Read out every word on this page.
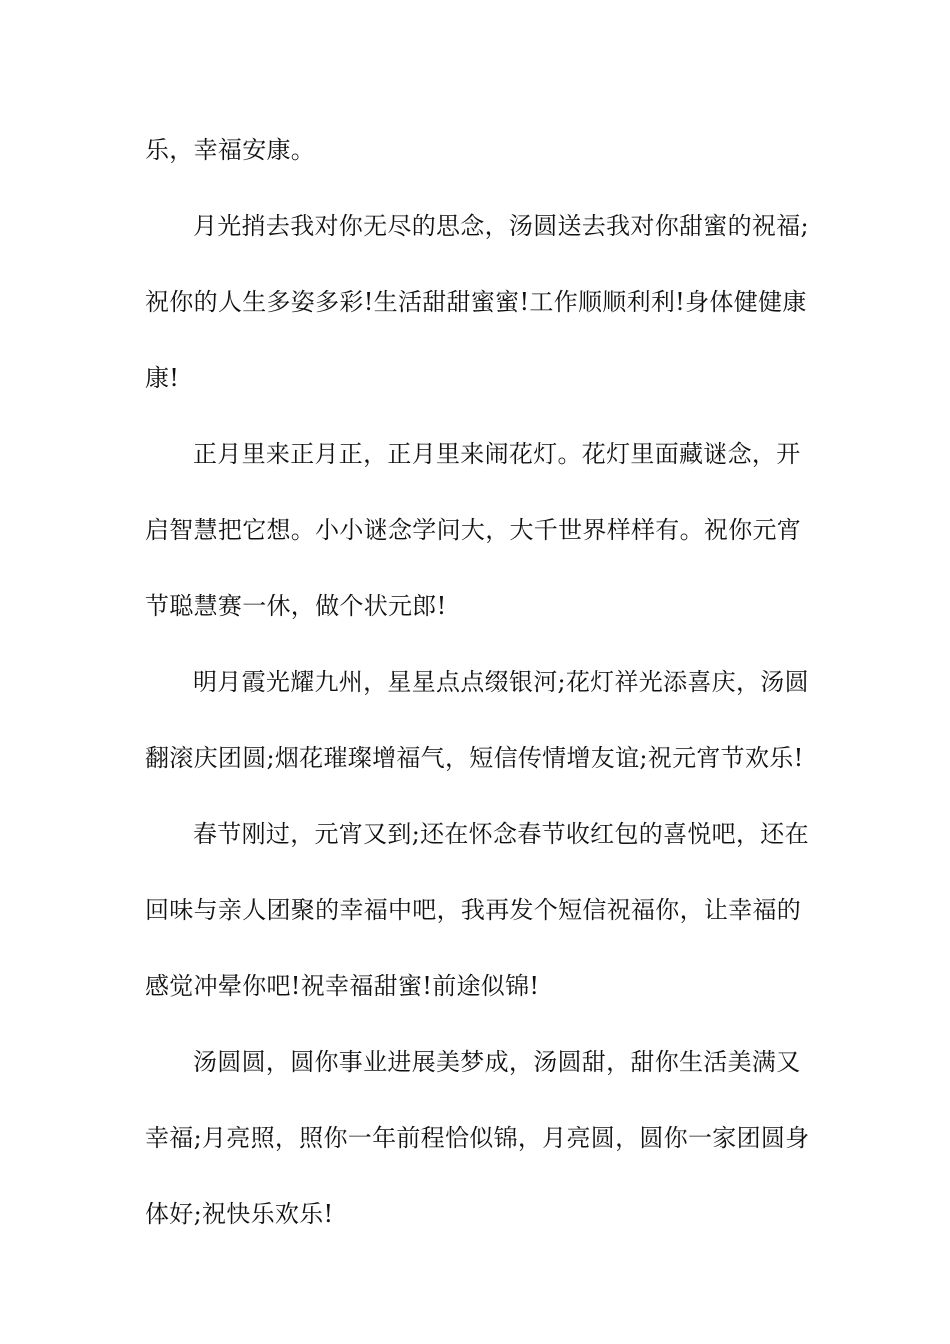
乐，幸福安康。
月光捎去我对你无尽的思念，汤圆送去我对你甜蜜的祝福;
祝你的人生多姿多彩!生活甜甜蜜蜜!工作顺顺利利!身体健健康
康!
正月里来正月正，正月里来闹花灯。花灯里面藏谜念，开
启智慧把它想。小小谜念学问大，大千世界样样有。祝你元宵
节聪慧赛一休，做个状元郎!
明月霞光耀九州，星星点点缀银河;花灯祥光添喜庆，汤圆
翻滚庆团圆;烟花璀璨增福气，短信传情增友谊;祝元宵节欢乐!
春节刚过，元宵又到;还在怀念春节收红包的喜悦吧，还在
回味与亲人团聚的幸福中吧，我再发个短信祝福你，让幸福的
感觉冲晕你吧!祝幸福甜蜜!前途似锦!
汤圆圆，圆你事业进展美梦成，汤圆甜，甜你生活美满又
幸福;月亮照，照你一年前程恰似锦，月亮圆，圆你一家团圆身
体好;祝快乐欢乐!
